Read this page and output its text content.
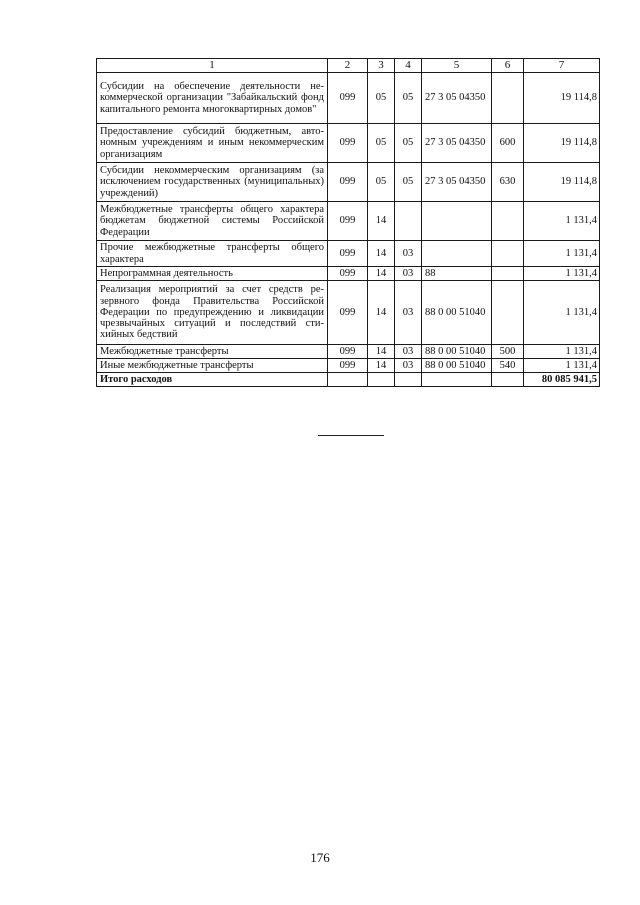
1	2	3	4	5	6	7
Субсидии на обеспечение деятельности некоммерческой организации "Забайкальский фонд капитального ремонта многоквартирных домов"	099	05	05	27 3 05 04350		19 114,8
Предоставление субсидий бюджетным, автономным учреждениям и иным некоммерческим организациям	099	05	05	27 3 05 04350	600	19 114,8
Субсидии некоммерческим организациям (за исключением государственных (муниципальных) учреждений)	099	05	05	27 3 05 04350	630	19 114,8
Межбюджетные трансферты общего характера бюджетам бюджетной системы Российской Федерации	099	14				1 131,4
Прочие межбюджетные трансферты общего характера	099	14	03			1 131,4
Непрограммная деятельность	099	14	03	88		1 131,4
Реализация мероприятий за счет средств резервного фонда Правительства Российской Федерации по предупреждению и ликвидации чрезвычайных ситуаций и последствий стихийных бедствий	099	14	03	88 0 00 51040		1 131,4
Межбюджетные трансферты	099	14	03	88 0 00 51040	500	1 131,4
Иные межбюджетные трансферты	099	14	03	88 0 00 51040	540	1 131,4
Итого расходов						80 085 941,5
176
